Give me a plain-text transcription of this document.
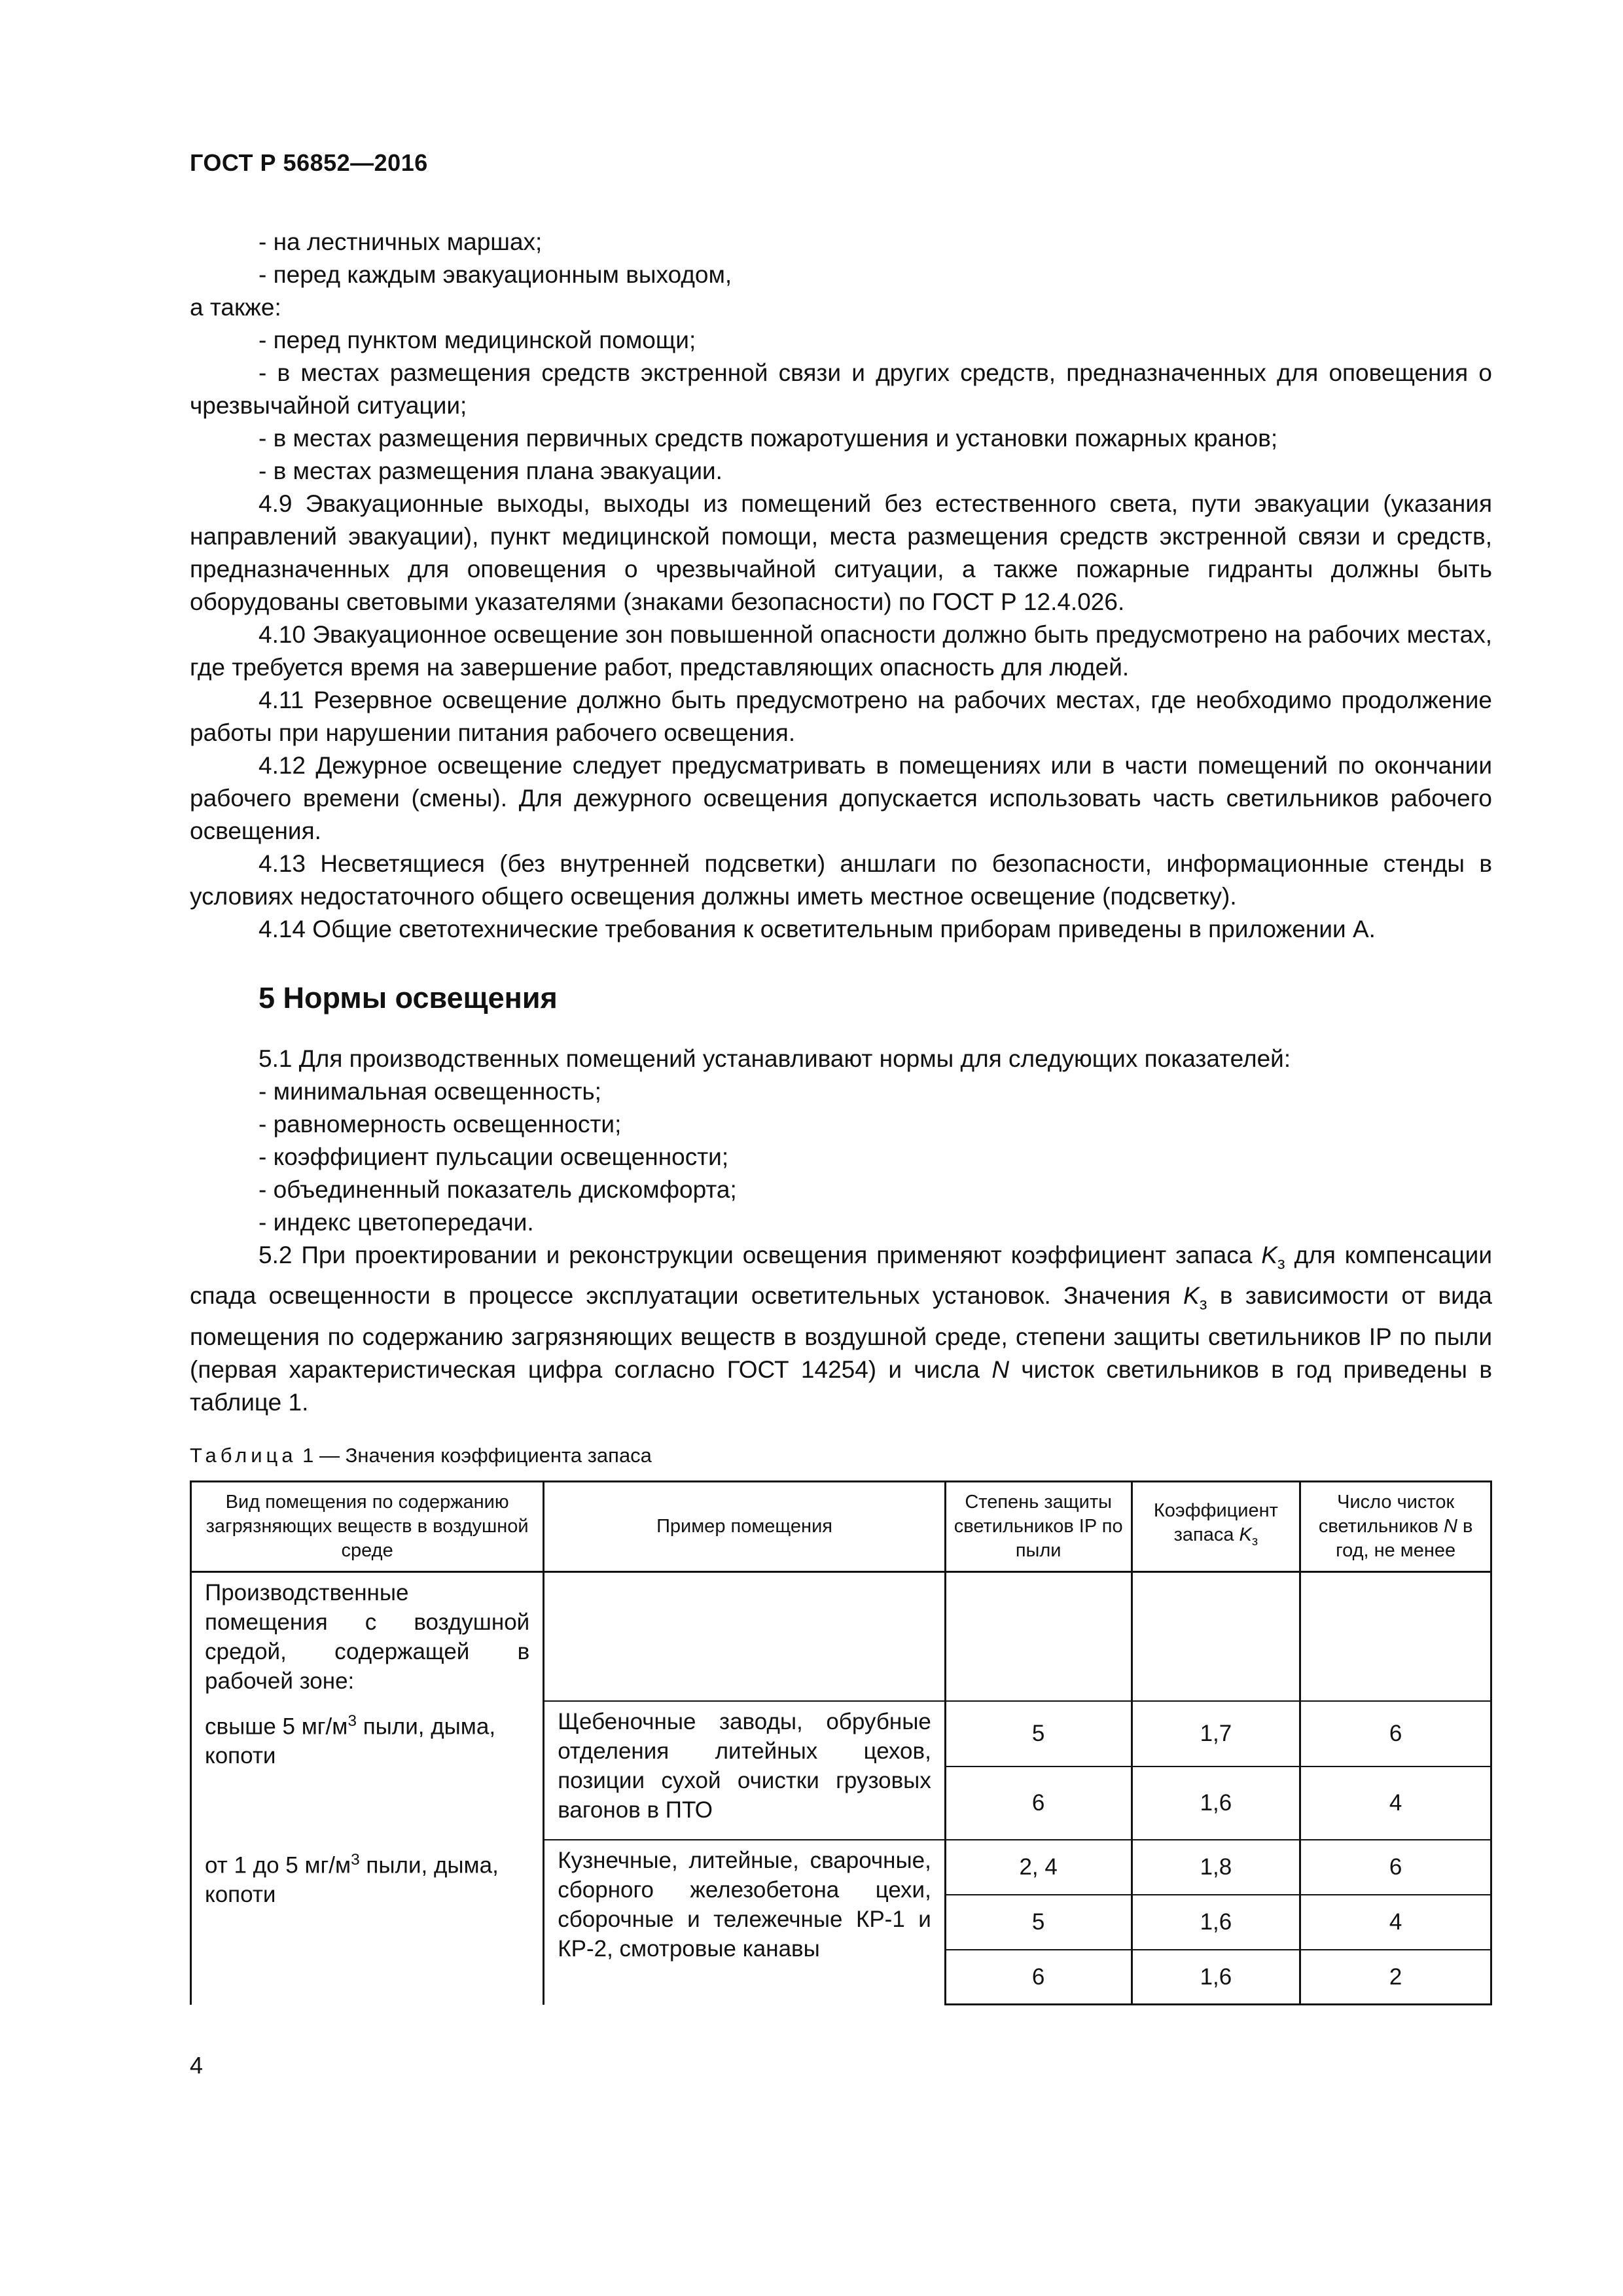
ГОСТ Р 56852—2016

- на лестничных маршах;

- перед каждым эвакуационным выходом,

а также:

- перед пунктом медицинской помощи;

- в местах размещения средств экстренной связи и других средств, предназначенных для оповещения о чрезвычайной ситуации;

- в местах размещения первичных средств пожаротушения и установки пожарных кранов;

- в местах размещения плана эвакуации.

4.9 Эвакуационные выходы, выходы из помещений без естественного света, пути эвакуации (указания направлений эвакуации), пункт медицинской помощи, места размещения средств экстренной связи и средств, предназначенных для оповещения о чрезвычайной ситуации, а также пожарные гидранты должны быть оборудованы световыми указателями (знаками безопасности) по ГОСТ Р 12.4.026.

4.10 Эвакуационное освещение зон повышенной опасности должно быть предусмотрено на рабочих местах, где требуется время на завершение работ, представляющих опасность для людей.

4.11 Резервное освещение должно быть предусмотрено на рабочих местах, где необходимо продолжение работы при нарушении питания рабочего освещения.

4.12 Дежурное освещение следует предусматривать в помещениях или в части помещений по окончании рабочего времени (смены). Для дежурного освещения допускается использовать часть светильников рабочего освещения.

4.13 Несветящиеся (без внутренней подсветки) аншлаги по безопасности, информационные стенды в условиях недостаточного общего освещения должны иметь местное освещение (подсветку).

4.14 Общие светотехнические требования к осветительным приборам приведены в приложении А.

5 Нормы освещения

5.1 Для производственных помещений устанавливают нормы для следующих показателей:

- минимальная освещенность;

- равномерность освещенности;

- коэффициент пульсации освещенности;

- объединенный показатель дискомфорта;

- индекс цветопередачи.

5.2 При проектировании и реконструкции освещения применяют коэффициент запаса $K_з$ для компенсации спада освещенности в процессе эксплуатации осветительных установок. Значения $K_з$ в зависимости от вида помещения по содержанию загрязняющих веществ в воздушной среде, степени защиты светильников IP по пыли (первая характеристическая цифра согласно ГОСТ 14254) и числа N чисток светильников в год приведены в таблице 1.

Таблица 1 — Значения коэффициента запаса
Вид помещения по содержанию загрязняющих веществ в воздушной среде	Пример помещения	Степень защиты светильников IP по пыли	Коэффициент запаса $K_з$	Число чисток светильников N в год, не менее
Производственные помещения с воздушной средой, содержащей в рабочей зоне:				
свыше 5 $мг/м^3$ пыли, дыма, копоти	Щебеночные заводы, обрубные отделения литейных цехов, позиции сухой очистки грузовых вагонов в ПТО	5	1,7	6
		6	1,6	4
от 1 до 5 $мг/м^3$ пыли, дыма, копоти	Кузнечные, литейные, сварочные, сборного железобетона цехи, сборочные и тележечные КР-1 и КР-2, смотровые канавы	2, 4	1,8	6
		5	1,6	4
		6	1,6	2
4
